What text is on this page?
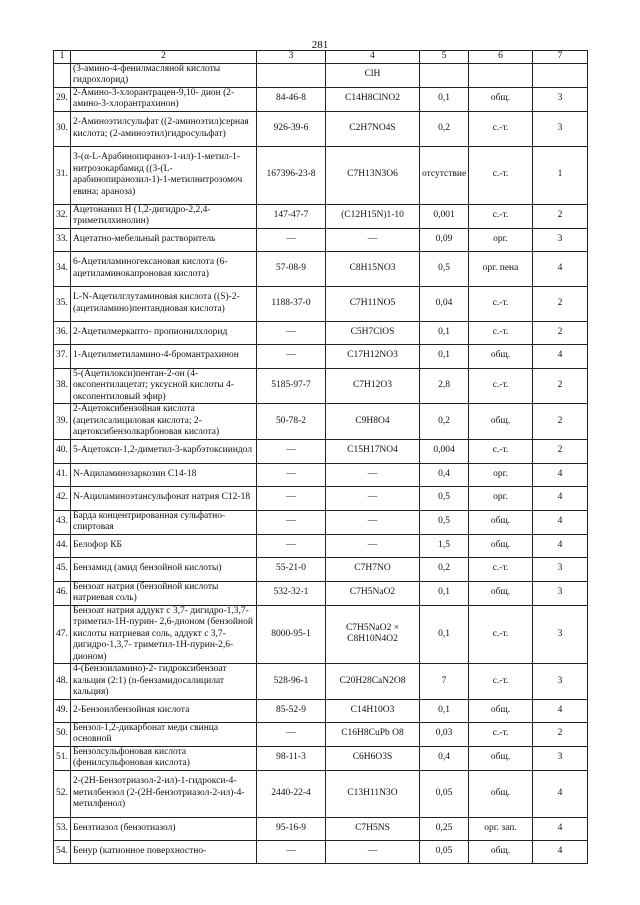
281
1	2	3	4	5	6	7
	(3-амино-4-фенилмасляной кислоты гидрохлорид)		ClH			
29.	2-Амино-3-хлорантрацен-9,10- дион (2-амино-3-хлорантрахинон)	84-46-8	C14H8ClNO2	0,1	общ.	3
30.	2-Аминоэтилсульфат ((2-аминоэтил)серная кислота; (2-аминоэтил)гидросульфат)	926-39-6	C2H7NO4S	0,2	с.-т.	3
31.	3-(α-L-Арабинопираноз-1-ил)-1-метил-1-нитрозокарбамид ((3-(L-арабинопиранозил-1)-1-метилнитрозомоч евина; араноза)	167396-23-8	C7H13N3O6	отсутствие	с.-т.	1
32.	Ацетонанил Н (1,2-дигидро-2,2,4- триметилхинолин)	147-47-7	(C12H15N)1-10	0,001	с.-т.	2
33.	Ацетатно-мебельный растворитель	—	—	0,09	орг.	3
34.	6-Ацетиламиногексановая кислота (6-ацетиламинокапроновая кислота)	57-08-9	C8H15NO3	0,5	орг. пена	4
35.	L-N-Ацетилглутаминовая кислота ((S)-2-(ацетиламино)пентандиовая кислота)	1188-37-0	C7H11NO5	0,04	с.-т.	2
36.	2-Ацетилмеркапто- пропионилхлорид	—	C5H7ClOS	0,1	с.-т.	2
37.	1-Ацетилметиламино-4-бромантрахинон	—	C17H12NO3	0,1	общ.	4
38.	5-(Ацетилокси)пентан-2-он (4-оксопентилацетат; уксусной кислоты 4-оксопентиловый эфир)	5185-97-7	C7H12O3	2,8	с.-т.	2
39.	2-Ацетоксибензойная кислота (ацетилсалициловая кислота; 2-ацетоксибензолкарбоновая кислота)	50-78-2	C9H8O4	0,2	общ.	2
40.	5-Ацетокси-1,2-диметил-3-карбэтоксииндол	—	C15H17NO4	0,004	с.-т.	2
41.	N-Ациламинозаркозин С14-18	—	—	0,4	орг.	4
42.	N-Ациламиноэтансульфонат натрия С12-18	—	—	0,5	орг.	4
43.	Барда концентрированная сульфатно-спиртовая	—	—	0,5	общ.	4
44.	Белофор КБ	—	—	1,5	общ.	4
45.	Бензамид (амид бензойной кислоты)	55-21-0	C7H7NO	0,2	с.-т.	3
46.	Бензоат натрия (бензойной кислоты натриевая соль)	532-32-1	C7H5NaO2	0,1	общ.	3
47.	Бензоат натрия аддукт с 3,7- дигидро-1,3,7-триметил-1Н-пурин- 2,6-дионом (бензойной кислоты натриевая соль, аддукт с 3,7-дигидро-1,3,7- триметил-1Н-пурин-2,6-дионом)	8000-95-1	C7H5NaO2 × C8H10N4O2	0,1	с.-т.	3
48.	4-(Бензоиламино)-2- гидроксибензоат кальция (2:1) (n-бензамидосалицилат кальция)	528-96-1	C20H28CaN2O8	7	с.-т.	3
49.	2-Бензоилбензойная кислота	85-52-9	C14H10O3	0,1	общ.	4
50.	Бензол-1,2-дикарбонат меди свинца основной	—	C16H8CuPb O8	0,03	с.-т.	2
51.	Бензолсульфоновая кислота (фенилсульфоновая кислота)	98-11-3	C6H6O3S	0,4	общ.	3
52.	2-(2Н-Бензотриазол-2-ил)-1-гидрокси-4-метилбензол (2-(2Н-бензотриазол-2-ил)-4-метилфенол)	2440-22-4	C13H11N3O	0,05	общ.	4
53.	Бензтиазол (бензотиазол)	95-16-9	C7H5NS	0,25	орг. зап.	4
54.	Бенур (катионное поверхностно-	—	—	0,05	общ.	4
